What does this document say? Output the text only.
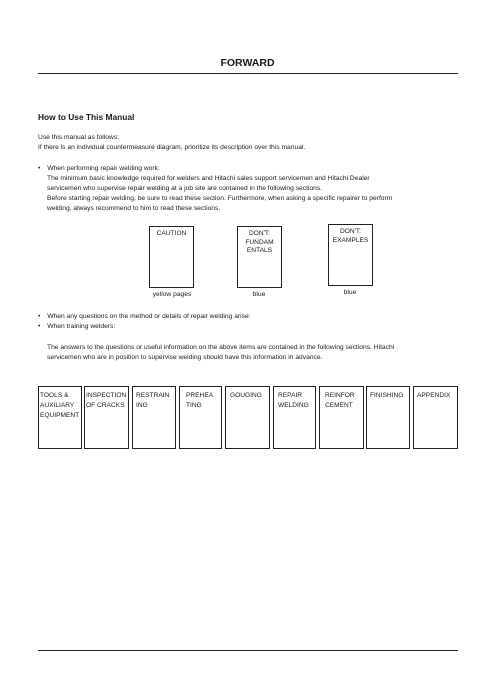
FORWARD
How to Use This Manual
Use this manual as follows:
If there is an individual countermeasure diagram, prioritize its description over this manual.
• When performing repair welding work:
The minimum basic knowledge required for welders and Hitachi sales support servicemen and Hitachi Dealer
servicemen who supervise repair welding at a job site are contained in the following sections.
Before starting repair welding, be sure to read these section. Furthermore, when asking a specific repairer to perform
welding, always recommend to him to read these sections.
CAUTION
yellow pages
DON'T:
FUNDAM
ENTALS
blue
DON'T:
EXAMPLES
blue
• When any questions on the method or details of repair welding arise:
• When training welders:
The answers to the questions or useful information on the above items are contained in the following sections. Hitachi
servicemen who are in position to supervise welding should have this information in advance.
TOOLS &
AUXILIARY
EQUIPMENT
INSPECTION
OF CRACKS
RESTRAIN
ING
PREHEA
TING
GOUGING REPAIR
WELDING
REINFOR
CEMENT
FINISHING APPENDIX
